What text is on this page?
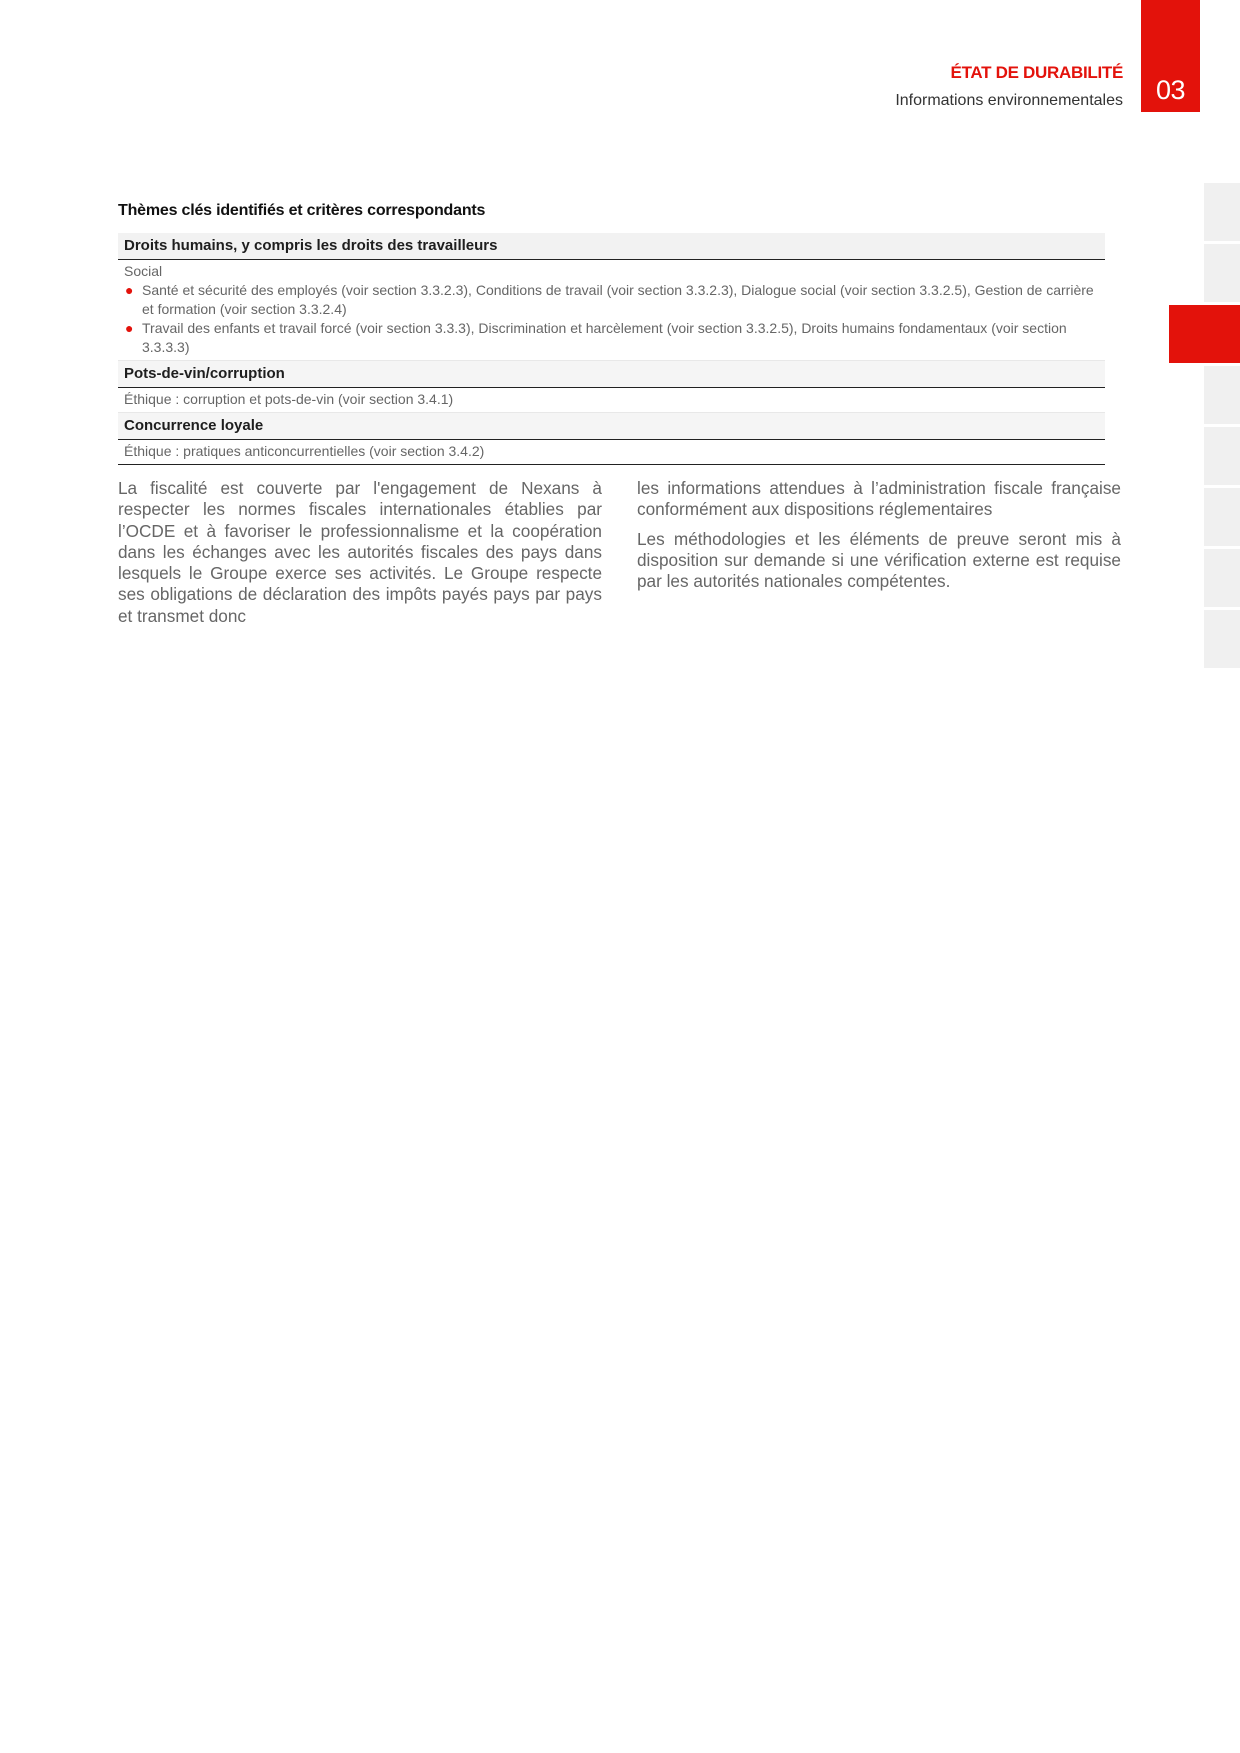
03
ÉTAT DE DURABILITÉ
Informations environnementales
Thèmes clés identifiés et critères correspondants
Droits humains, y compris les droits des travailleurs
Social
● Santé et sécurité des employés (voir section 3.3.2.3), Conditions de travail (voir section 3.3.2.3), Dialogue social (voir section 3.3.2.5), Gestion de carrière et formation (voir section 3.3.2.4)
● Travail des enfants et travail forcé (voir section 3.3.3), Discrimination et harcèlement (voir section 3.3.2.5), Droits humains fondamentaux (voir section 3.3.3.3)
Pots-de-vin/corruption
Éthique : corruption et pots-de-vin (voir section 3.4.1)
Concurrence loyale
Éthique : pratiques anticoncurrentielles (voir section 3.4.2)

La fiscalité est couverte par l'engagement de Nexans à respecter les normes fiscales internationales établies par l’OCDE et à favoriser le professionnalisme et la coopération dans les échanges avec les autorités fiscales des pays dans lesquels le Groupe exerce ses activités. Le Groupe respecte ses obligations de déclaration des impôts payés pays par pays et transmet donc

les informations attendues à l’administration fiscale française conformément aux dispositions réglementaires

Les méthodologies et les éléments de preuve seront mis à disposition sur demande si une vérification externe est requise par les autorités nationales compétentes.
